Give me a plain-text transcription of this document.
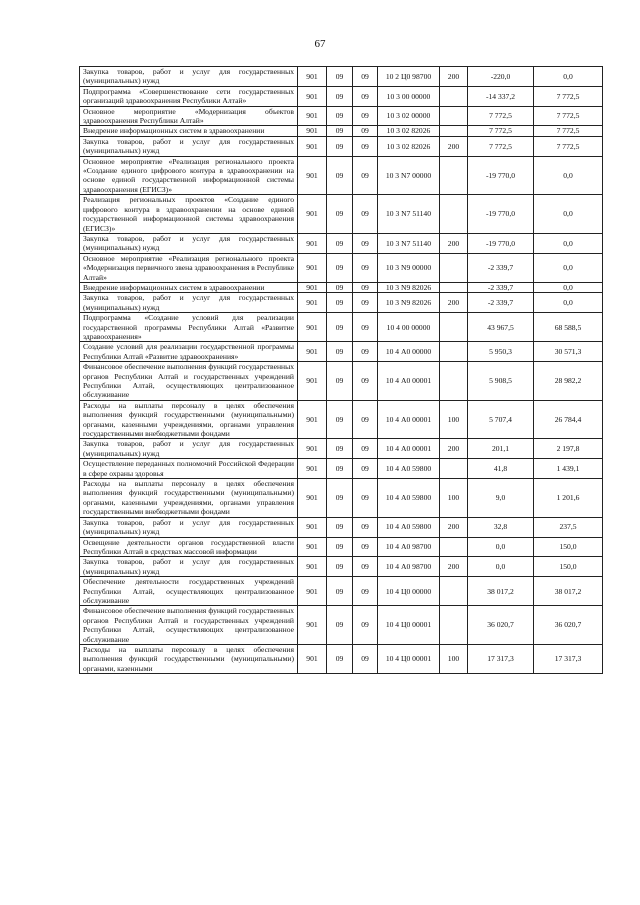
67
Закупка товаров, работ и услуг для государственных (муниципальных) нужд	901	09	09	10 2 Ц0 98700	200	-220,0	0,0
Подпрограмма «Совершенствование сети государственных организаций здравоохранения Республики Алтай»	901	09	09	10 3 00 00000		-14 337,2	7 772,5
Основное мероприятие «Модернизация объектов здравоохранения Республики Алтай»	901	09	09	10 3 02 00000		7 772,5	7 772,5
Внедрение информационных систем в здравоохранении	901	09	09	10 3 02 82026		7 772,5	7 772,5
Закупка товаров, работ и услуг для государственных (муниципальных) нужд	901	09	09	10 3 02 82026	200	7 772,5	7 772,5
Основное мероприятие «Реализация регионального проекта «Создание единого цифрового контура в здравоохранении на основе единой государственной информационной системы здравоохранения (ЕГИСЗ)»	901	09	09	10 3 N7 00000		-19 770,0	0,0
Реализация региональных проектов «Создание единого цифрового контура в здравоохранении на основе единой государственной информационной системы здравоохранения (ЕГИСЗ)»	901	09	09	10 3 N7 51140		-19 770,0	0,0
Закупка товаров, работ и услуг для государственных (муниципальных) нужд	901	09	09	10 3 N7 51140	200	-19 770,0	0,0
Основное мероприятие «Реализация регионального проекта «Модернизация первичного звена здравоохранения в Республике Алтай»	901	09	09	10 3 N9 00000		-2 339,7	0,0
Внедрение информационных систем в здравоохранении	901	09	09	10 3 N9 82026		-2 339,7	0,0
Закупка товаров, работ и услуг для государственных (муниципальных) нужд	901	09	09	10 3 N9 82026	200	-2 339,7	0,0
Подпрограмма «Создание условий для реализации государственной программы Республики Алтай «Развитие здравоохранения»	901	09	09	10 4 00 00000		43 967,5	68 588,5
Создание условий для реализации государственной программы Республики Алтай «Развитие здравоохранения»	901	09	09	10 4 А0 00000		5 950,3	30 571,3
Финансовое обеспечение выполнения функций государственных органов Республики Алтай и государственных учреждений Республики Алтай, осуществляющих централизованное обслуживание	901	09	09	10 4 А0 00001		5 908,5	28 982,2
Расходы на выплаты персоналу в целях обеспечения выполнения функций государственными (муниципальными) органами, казенными учреждениями, органами управления государственными внебюджетными фондами	901	09	09	10 4 А0 00001	100	5 707,4	26 784,4
Закупка товаров, работ и услуг для государственных (муниципальных) нужд	901	09	09	10 4 А0 00001	200	201,1	2 197,8
Осуществление переданных полномочий Российской Федерации в сфере охраны здоровья	901	09	09	10 4 А0 59800		41,8	1 439,1
Расходы на выплаты персоналу в целях обеспечения выполнения функций государственными (муниципальными) органами, казенными учреждениями, органами управления государственными внебюджетными фондами	901	09	09	10 4 А0 59800	100	9,0	1 201,6
Закупка товаров, работ и услуг для государственных (муниципальных) нужд	901	09	09	10 4 А0 59800	200	32,8	237,5
Освещение деятельности органов государственной власти Республики Алтай в средствах массовой информации	901	09	09	10 4 А0 98700		0,0	150,0
Закупка товаров, работ и услуг для государственных (муниципальных) нужд	901	09	09	10 4 А0 98700	200	0,0	150,0
Обеспечение деятельности государственных учреждений Республики Алтай, осуществляющих централизованное обслуживание	901	09	09	10 4 Ц0 00000		38 017,2	38 017,2
Финансовое обеспечение выполнения функций государственных органов Республики Алтай и государственных учреждений Республики Алтай, осуществляющих централизованное обслуживание	901	09	09	10 4 Ц0 00001		36 020,7	36 020,7
Расходы на выплаты персоналу в целях обеспечения выполнения функций государственными (муниципальными) органами, казенными	901	09	09	10 4 Ц0 00001	100	17 317,3	17 317,3
